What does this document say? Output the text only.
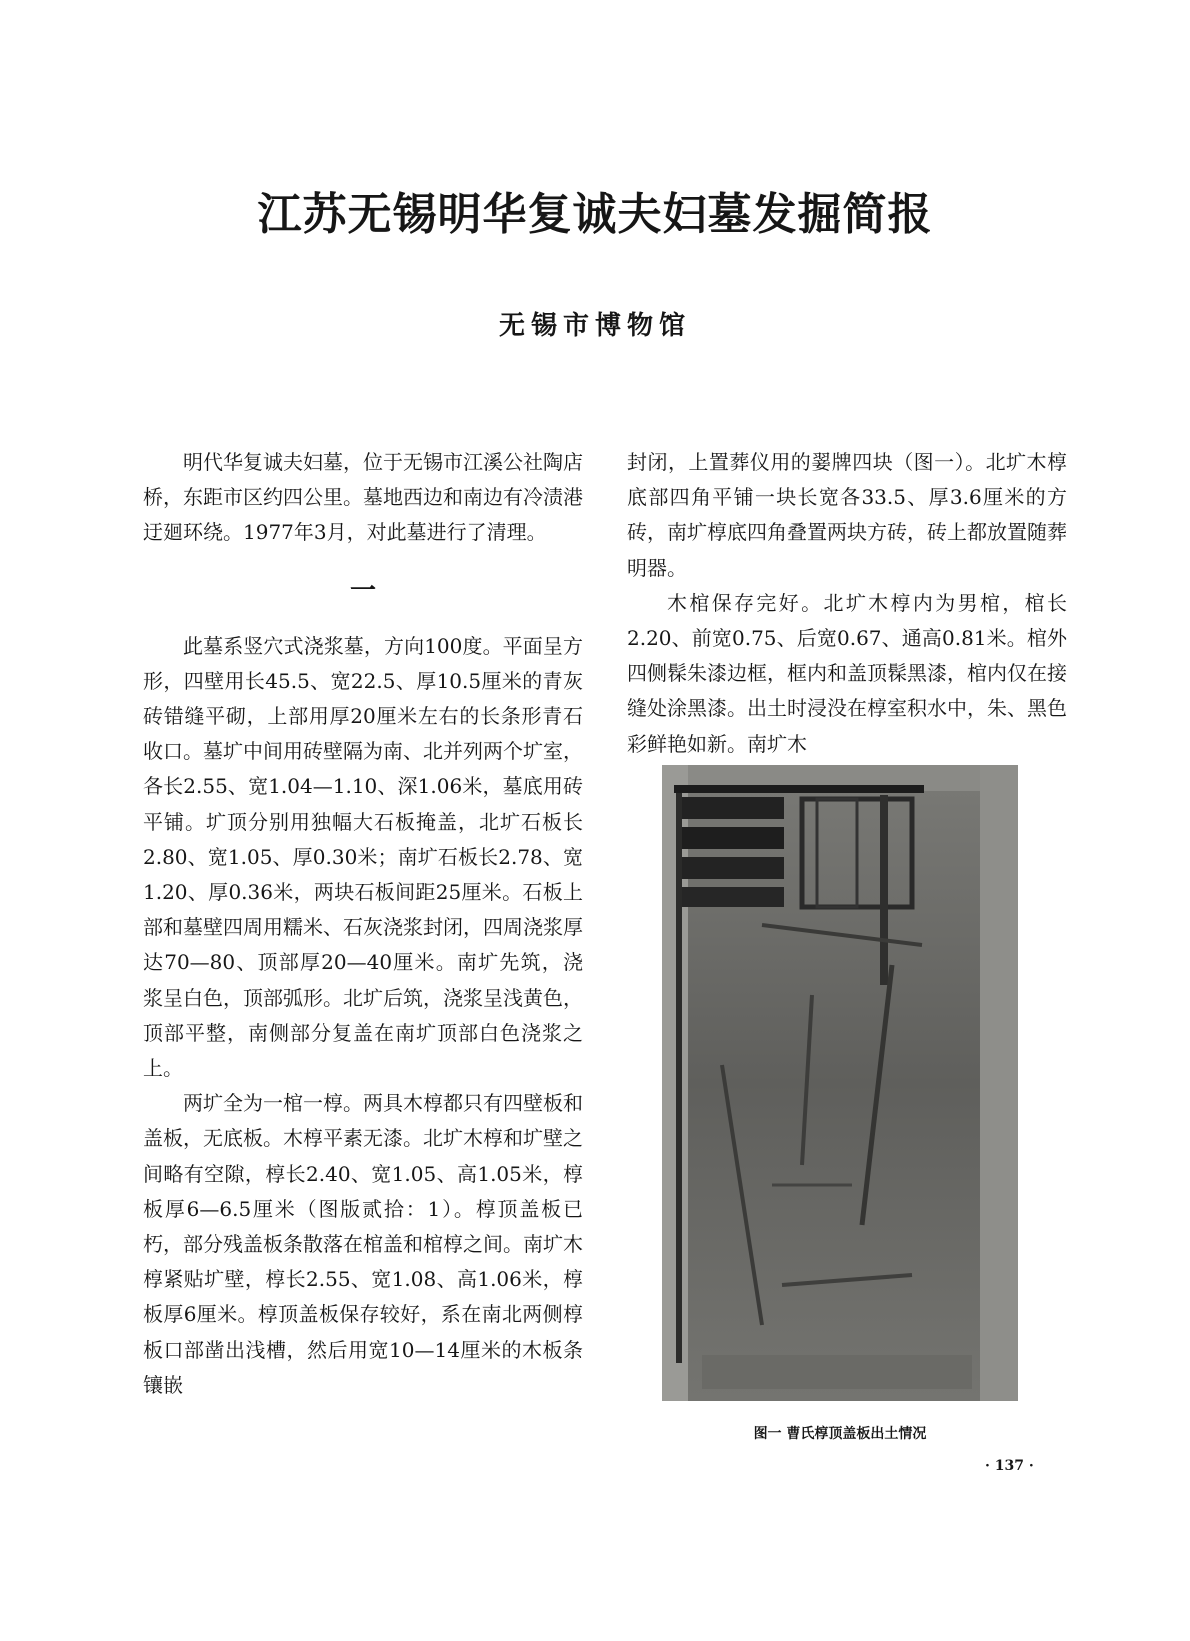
江苏无锡明华复诚夫妇墓发掘简报

无锡市博物馆

明代华复诚夫妇墓，位于无锡市江溪公社陶店桥，东距市区约四公里。墓地西边和南边有冷渍港迂廻环绕。1977年3月，对此墓进行了清理。

一

此墓系竖穴式浇浆墓，方向100度。平面呈方形，四壁用长45.5、宽22.5、厚10.5厘米的青灰砖错缝平砌，上部用厚20厘米左右的长条形青石收口。墓圹中间用砖壁隔为南、北并列两个圹室，各长2.55、宽1.04—1.10、深1.06米，墓底用砖平铺。圹顶分别用独幅大石板掩盖，北圹石板长2.80、宽1.05、厚0.30米；南圹石板长2.78、宽1.20、厚0.36米，两块石板间距25厘米。石板上部和墓壁四周用糯米、石灰浇浆封闭，四周浇浆厚达70—80、顶部厚20—40厘米。南圹先筑，浇浆呈白色，顶部弧形。北圹后筑，浇浆呈浅黄色，顶部平整，南侧部分复盖在南圹顶部白色浇浆之上。

两圹全为一棺一椁。两具木椁都只有四壁板和盖板，无底板。木椁平素无漆。北圹木椁和圹壁之间略有空隙，椁长2.40、宽1.05、高1.05米，椁板厚6—6.5厘米（图版贰拾：1）。椁顶盖板已朽，部分残盖板条散落在棺盖和棺椁之间。南圹木椁紧贴圹壁，椁长2.55、宽1.08、高1.06米，椁板厚6厘米。椁顶盖板保存较好，系在南北两侧椁板口部凿出浅槽，然后用宽10—14厘米的木板条镶嵌

封闭，上置葬仪用的翣牌四块（图一）。北圹木椁底部四角平铺一块长宽各33.5、厚3.6厘米的方砖，南圹椁底四角叠置两块方砖，砖上都放置随葬明器。

木棺保存完好。北圹木椁内为男棺，棺长2.20、前宽0.75、后宽0.67、通高0.81米。棺外四侧髹朱漆边框，框内和盖顶髹黑漆，棺内仅在接缝处涂黑漆。出土时浸没在椁室积水中，朱、黑色彩鲜艳如新。南圹木

图一 曹氏椁顶盖板出土情况

· 137 ·
